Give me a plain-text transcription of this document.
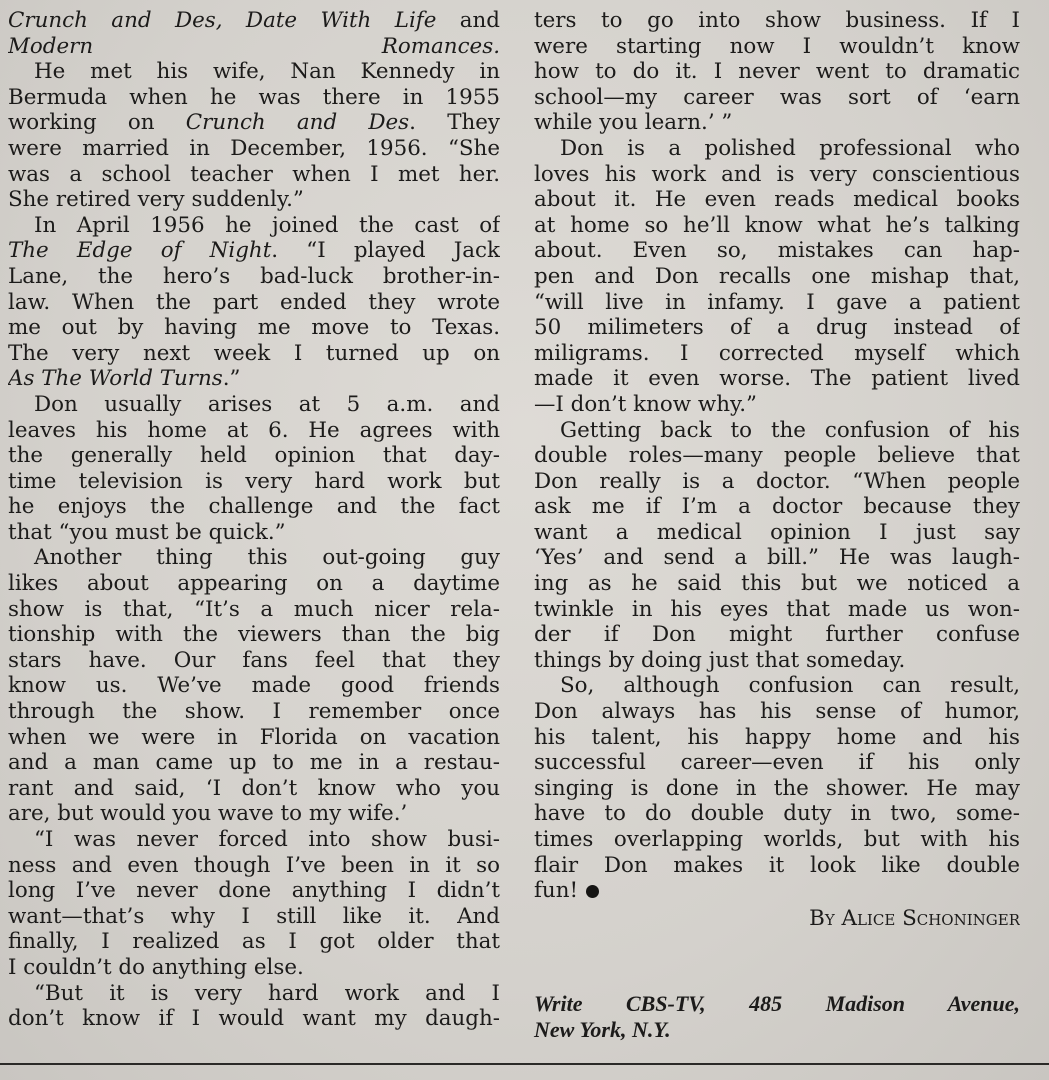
Crunch and Des, Date With Life and
Modern Romances.
He met his wife, Nan Kennedy in
Bermuda when he was there in 1955
working on Crunch and Des. They
were married in December, 1956. “She
was a school teacher when I met her.
She retired very suddenly.”
In April 1956 he joined the cast of
The Edge of Night. “I played Jack
Lane, the hero’s bad-luck brother-in-
law. When the part ended they wrote
me out by having me move to Texas.
The very next week I turned up on
As The World Turns.”
Don usually arises at 5 a.m. and
leaves his home at 6. He agrees with
the generally held opinion that day-
time television is very hard work but
he enjoys the challenge and the fact
that “you must be quick.”
Another thing this out-going guy
likes about appearing on a daytime
show is that, “It’s a much nicer rela-
tionship with the viewers than the big
stars have. Our fans feel that they
know us. We’ve made good friends
through the show. I remember once
when we were in Florida on vacation
and a man came up to me in a restau-
rant and said, ‘I don’t know who you
are, but would you wave to my wife.’
“I was never forced into show busi-
ness and even though I’ve been in it so
long I’ve never done anything I didn’t
want—that’s why I still like it. And
finally, I realized as I got older that
I couldn’t do anything else.
“But it is very hard work and I
don’t know if I would want my daugh-
ters to go into show business. If I
were starting now I wouldn’t know
how to do it. I never went to dramatic
school—my career was sort of ‘earn
while you learn.’ ”
Don is a polished professional who
loves his work and is very conscientious
about it. He even reads medical books
at home so he’ll know what he’s talking
about. Even so, mistakes can hap-
pen and Don recalls one mishap that,
“will live in infamy. I gave a patient
50 milimeters of a drug instead of
miligrams. I corrected myself which
made it even worse. The patient lived
—I don’t know why.”
Getting back to the confusion of his
double roles—many people believe that
Don really is a doctor. “When people
ask me if I’m a doctor because they
want a medical opinion I just say
‘Yes’ and send a bill.” He was laugh-
ing as he said this but we noticed a
twinkle in his eyes that made us won-
der if Don might further confuse
things by doing just that someday.
So, although confusion can result,
Don always has his sense of humor,
his talent, his happy home and his
successful career—even if his only
singing is done in the shower. He may
have to do double duty in two, some-
times overlapping worlds, but with his
flair Don makes it look like double
fun!
By Alice Schoninger
Write CBS-TV, 485 Madison Avenue,
New York, N.Y.
